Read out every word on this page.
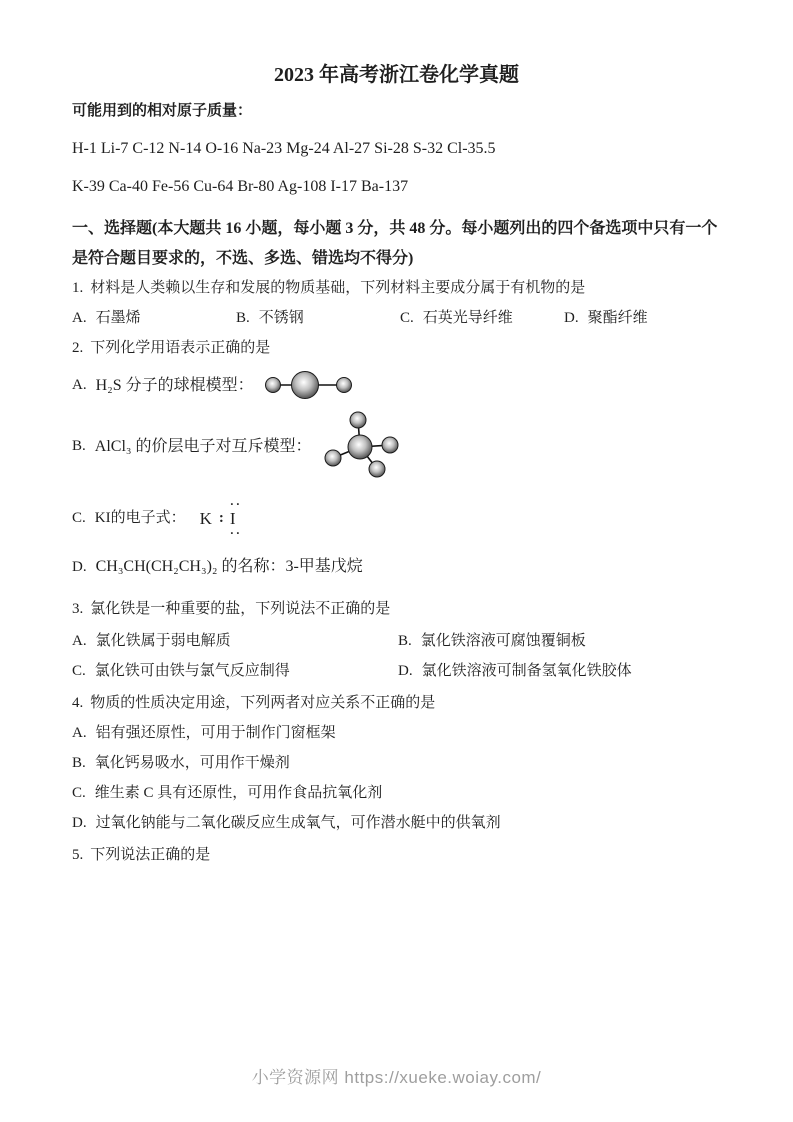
2023 年高考浙江卷化学真题

可能用到的相对原子质量：

H-1 Li-7 C-12 N-14 O-16 Na-23 Mg-24 Al-27 Si-28 S-32 Cl-35.5

K-39 Ca-40 Fe-56 Cu-64 Br-80 Ag-108 I-17 Ba-137

一、选择题(本大题共 16 小题，每小题 3 分，共 48 分。每小题列出的四个备选项中只有一个
是符合题目要求的，不选、多选、错选均不得分)

1. 材料是人类赖以生存和发展的物质基础，下列材料主要成分属于有机物的是

A. 石墨烯	B. 不锈钢	C. 石英光导纤维	D. 聚酯纤维

2. 下列化学用语表示正确的是

A. H₂S 分子的球棍模型：
B. AlCl₃ 的价层电子对互斥模型：
C. KI的电子式： K
··
: I
··

D. CH₃CH(CH₂CH₃)₂ 的名称：3-甲基戊烷

3. 氯化铁是一种重要的盐，下列说法不正确的是

A. 氯化铁属于弱电解质	B. 氯化铁溶液可腐蚀覆铜板
C. 氯化铁可由铁与氯气反应制得	D. 氯化铁溶液可制备氢氧化铁胶体

4. 物质的性质决定用途，下列两者对应关系不正确的是

A. 铝有强还原性，可用于制作门窗框架

B. 氧化钙易吸水，可用作干燥剂

C. 维生素 C 具有还原性，可用作食品抗氧化剂

D. 过氧化钠能与二氧化碳反应生成氧气，可作潜水艇中的供氧剂

5. 下列说法正确的是

小学资源网 https://xueke.woiay.com/
